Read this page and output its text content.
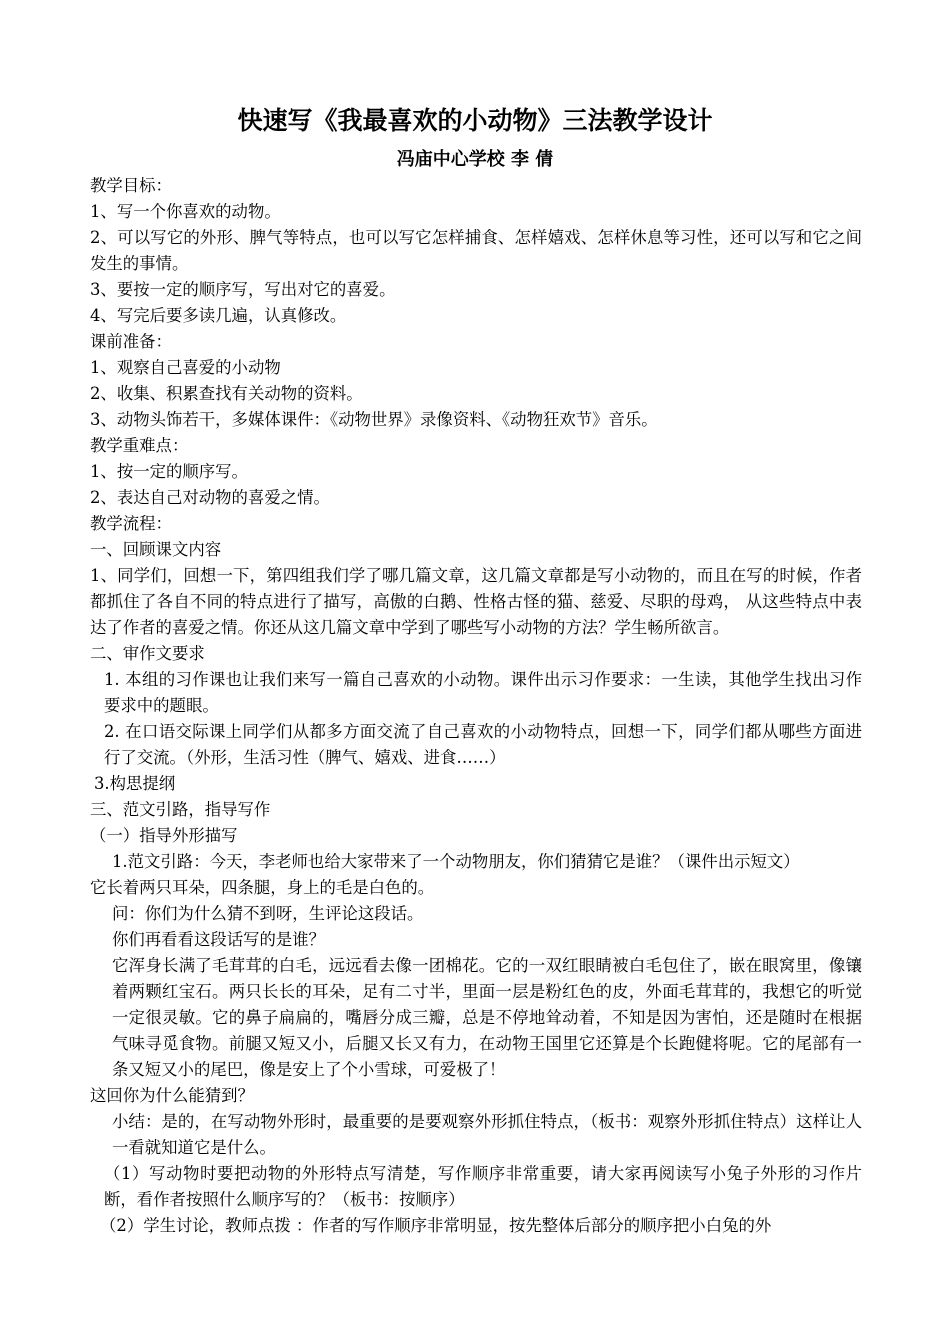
快速写《我最喜欢的小动物》三法教学设计
冯庙中心学校 李 倩

教学目标：

1、写一个你喜欢的动物。

2、可以写它的外形、脾气等特点，也可以写它怎样捕食、怎样嬉戏、怎样休息等习性，还可以写和它之间发生的事情。

3、要按一定的顺序写，写出对它的喜爱。

4、写完后要多读几遍，认真修改。

课前准备：

1、观察自己喜爱的小动物

2、收集、积累查找有关动物的资料。

3、动物头饰若干，多媒体课件：《动物世界》录像资料、《动物狂欢节》音乐。

教学重难点：

1、按一定的顺序写。

2、表达自己对动物的喜爱之情。

教学流程：

一、回顾课文内容

1、同学们，回想一下，第四组我们学了哪几篇文章，这几篇文章都是写小动物的，而且在写的时候，作者都抓住了各自不同的特点进行了描写，高傲的白鹅、性格古怪的猫、慈爱、尽职的母鸡， 从这些特点中表达了作者的喜爱之情。你还从这几篇文章中学到了哪些写小动物的方法？学生畅所欲言。

二、审作文要求

1. 本组的习作课也让我们来写一篇自己喜欢的小动物。课件出示习作要求：一生读，其他学生找出习作要求中的题眼。

2. 在口语交际课上同学们从都多方面交流了自己喜欢的小动物特点，回想一下，同学们都从哪些方面进行了交流。（外形，生活习性（脾气、嬉戏、进食……）

3.构思提纲

三、范文引路，指导写作

（一）指导外形描写

1.范文引路：今天，李老师也给大家带来了一个动物朋友，你们猜猜它是谁？（课件出示短文）

它长着两只耳朵，四条腿，身上的毛是白色的。

问：你们为什么猜不到呀，生评论这段话。

你们再看看这段话写的是谁？

它浑身长满了毛茸茸的白毛，远远看去像一团棉花。它的一双红眼睛被白毛包住了，嵌在眼窝里，像镶着两颗红宝石。两只长长的耳朵，足有二寸半，里面一层是粉红色的皮，外面毛茸茸的，我想它的听觉一定很灵敏。它的鼻子扁扁的，嘴唇分成三瓣，总是不停地耸动着，不知是因为害怕，还是随时在根据气味寻觅食物。前腿又短又小，后腿又长又有力，在动物王国里它还算是个长跑健将呢。它的尾部有一条又短又小的尾巴，像是安上了个小雪球，可爱极了！

这回你为什么能猜到？

小结：是的，在写动物外形时，最重要的是要观察外形抓住特点，（板书：观察外形抓住特点）这样让人一看就知道它是什么。

（1）写动物时要把动物的外形特点写清楚，写作顺序非常重要，请大家再阅读写小兔子外形的习作片断，看作者按照什么顺序写的？（板书：按顺序）

（2）学生讨论，教师点拨 ：作者的写作顺序非常明显，按先整体后部分的顺序把小白兔的外
